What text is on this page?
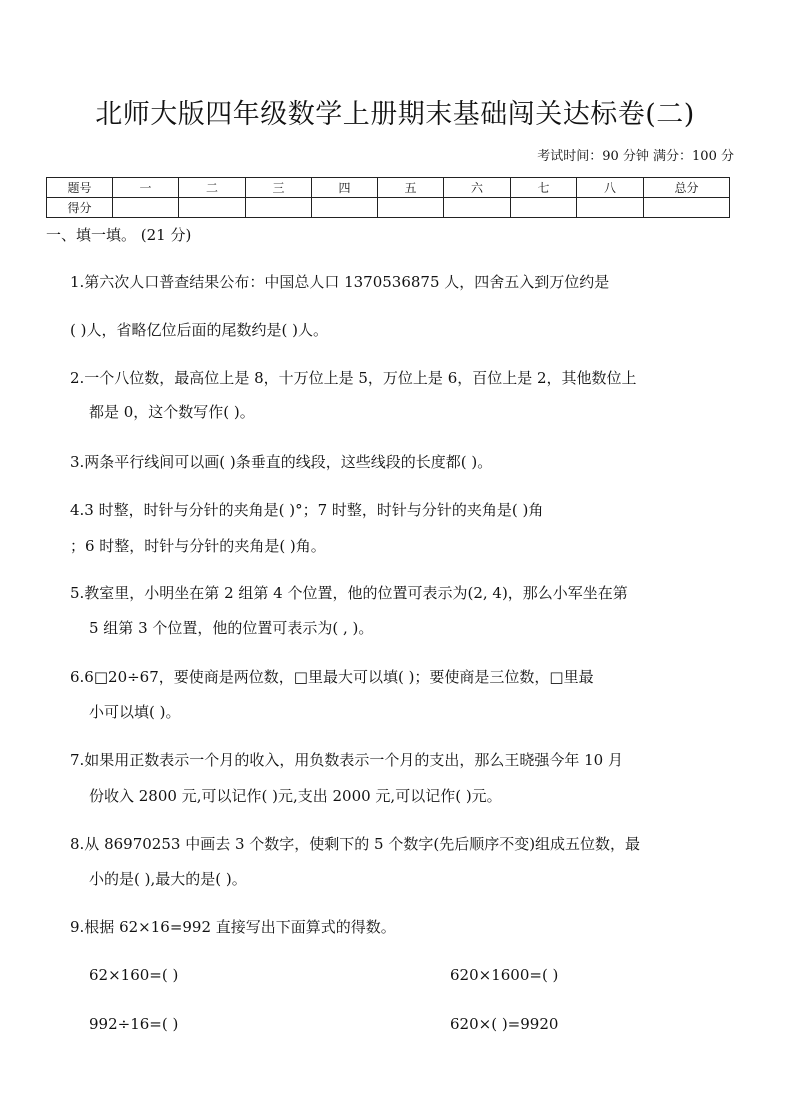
北师大版四年级数学上册期末基础闯关达标卷(二)
考试时间：90 分钟 满分：100 分
题号	一	二	三	四	五	六	七	八	总分
得分									
一、填一填。 (21 分)
1.第六次人口普查结果公布：中国总人口 1370536875 人，四舍五入到万位约是
( )人，省略亿位后面的尾数约是( )人。
2.一个八位数，最高位上是 8，十万位上是 5，万位上是 6，百位上是 2，其他数位上
都是 0，这个数写作( )。
3.两条平行线间可以画( )条垂直的线段，这些线段的长度都( )。
4.3 时整，时针与分针的夹角是( )°；7 时整，时针与分针的夹角是( )角
；6 时整，时针与分针的夹角是( )角。
5.教室里，小明坐在第 2 组第 4 个位置，他的位置可表示为(2, 4)，那么小军坐在第
5 组第 3 个位置，他的位置可表示为( , )。
6.6□20÷67，要使商是两位数，□里最大可以填( )；要使商是三位数，□里最
小可以填( )。
7.如果用正数表示一个月的收入，用负数表示一个月的支出，那么王晓强今年 10 月
份收入 2800 元,可以记作( )元,支出 2000 元,可以记作( )元。
8.从 86970253 中画去 3 个数字，使剩下的 5 个数字(先后顺序不变)组成五位数，最
小的是( ),最大的是( )。
9.根据 62×16=992 直接写出下面算式的得数。
62×160=( )	620×1600=( )
992÷16=( )	620×( )=9920
